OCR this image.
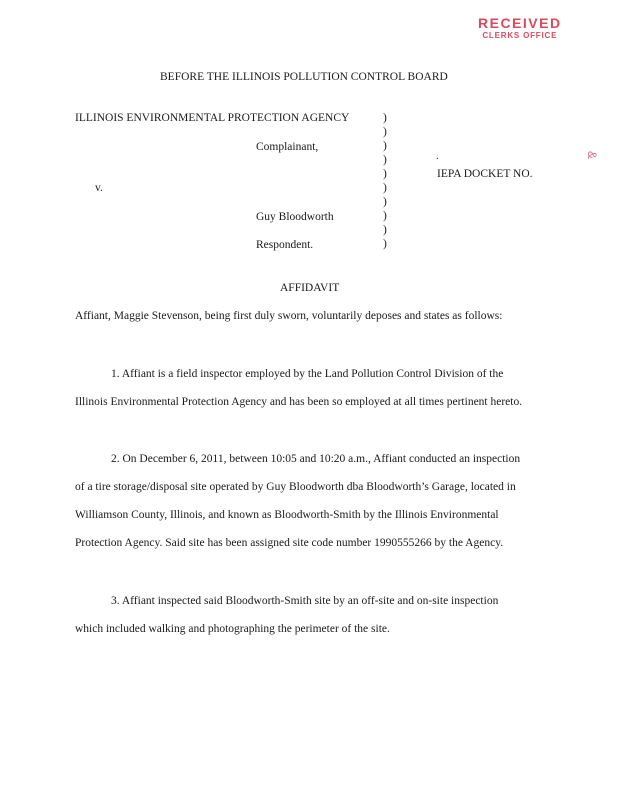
RECEIVED
CLERKS OFFICE
&
BEFORE THE ILLINOIS POLLUTION CONTROL BOARD
ILLINOIS ENVIRONMENTAL PROTECTION AGENCY
Complainant,
v.
Guy Bloodworth
Respondent.
IEPA DOCKET NO.
.
)
)
)
)
)
)
)
)
)
)
AFFIDAVIT
Affiant, Maggie Stevenson, being first duly sworn, voluntarily deposes and states as follows:
1. Affiant is a field inspector employed by the Land Pollution Control Division of the
Illinois Environmental Protection Agency and has been so employed at all times pertinent hereto.
2. On December 6, 2011, between 10:05 and 10:20 a.m., Affiant conducted an inspection
of a tire storage/disposal site operated by Guy Bloodworth dba Bloodworth’s Garage, located in
Williamson County, Illinois, and known as Bloodworth-Smith by the Illinois Environmental
Protection Agency. Said site has been assigned site code number 1990555266 by the Agency.
3. Affiant inspected said Bloodworth-Smith site by an off-site and on-site inspection
which included walking and photographing the perimeter of the site.
